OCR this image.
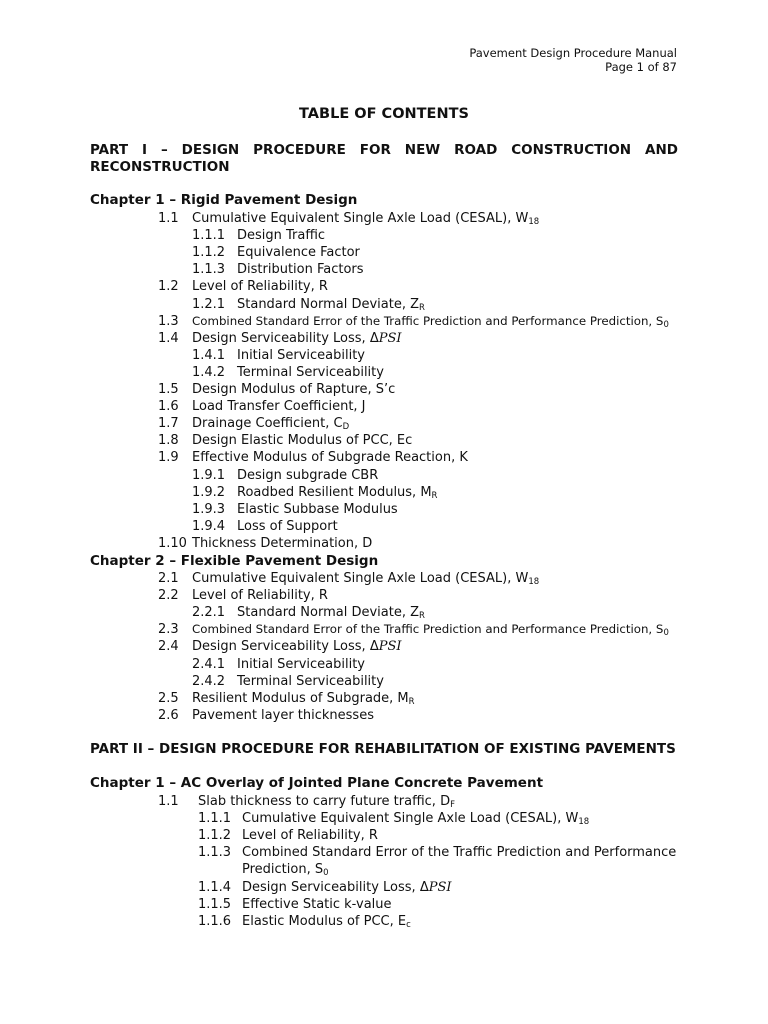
Pavement Design Procedure Manual
Page 1 of 87
TABLE OF CONTENTS
PART I – DESIGN PROCEDURE FOR NEW ROAD CONSTRUCTION AND RECONSTRUCTION
Chapter 1 – Rigid Pavement Design
1.1 Cumulative Equivalent Single Axle Load (CESAL), $W_{18}$
1.1.1 Design Traffic
1.1.2 Equivalence Factor
1.1.3 Distribution Factors
1.2 Level of Reliability, R
1.2.1 Standard Normal Deviate, $Z_R$
1.3 Combined Standard Error of the Traffic Prediction and Performance Prediction, $S_0$
1.4 Design Serviceability Loss, ΔPSI
1.4.1 Initial Serviceability
1.4.2 Terminal Serviceability
1.5 Design Modulus of Rapture, S’c
1.6 Load Transfer Coefficient, J
1.7 Drainage Coefficient, $C_D$
1.8 Design Elastic Modulus of PCC, Ec
1.9 Effective Modulus of Subgrade Reaction, K
1.9.1 Design subgrade CBR
1.9.2 Roadbed Resilient Modulus, $M_R$
1.9.3 Elastic Subbase Modulus
1.9.4 Loss of Support
1.10 Thickness Determination, D
Chapter 2 – Flexible Pavement Design
2.1 Cumulative Equivalent Single Axle Load (CESAL), $W_{18}$
2.2 Level of Reliability, R
2.2.1 Standard Normal Deviate, $Z_R$
2.3 Combined Standard Error of the Traffic Prediction and Performance Prediction, $S_0$
2.4 Design Serviceability Loss, ΔPSI
2.4.1 Initial Serviceability
2.4.2 Terminal Serviceability
2.5 Resilient Modulus of Subgrade, $M_R$
2.6 Pavement layer thicknesses
PART II – DESIGN PROCEDURE FOR REHABILITATION OF EXISTING PAVEMENTS
Chapter 1 – AC Overlay of Jointed Plane Concrete Pavement
1.1 Slab thickness to carry future traffic, $D_F$
1.1.1 Cumulative Equivalent Single Axle Load (CESAL), $W_{18}$
1.1.2 Level of Reliability, R
1.1.3 Combined Standard Error of the Traffic Prediction and Performance
Prediction, $S_0$
1.1.4 Design Serviceability Loss, ΔPSI
1.1.5 Effective Static k-value
1.1.6 Elastic Modulus of PCC, $E_c$
